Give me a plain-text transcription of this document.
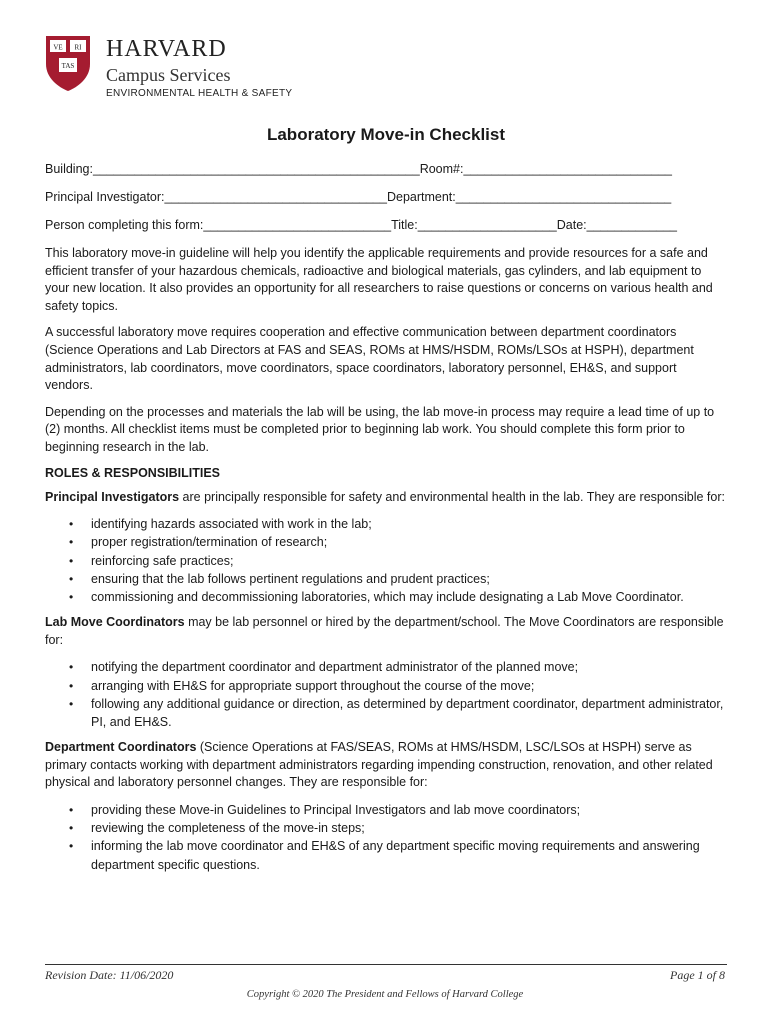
VE RI
TAS
HARVARD
Campus Services
ENVIRONMENTAL HEALTH & SAFETY
Laboratory Move-in Checklist
Building:_______________________________________________Room#:______________________________
Principal Investigator:________________________________Department:_______________________________
Person completing this form:___________________________Title:____________________Date:_____________

This laboratory move-in guideline will help you identify the applicable requirements and provide resources for a safe and efficient transfer of your hazardous chemicals, radioactive and biological materials, gas cylinders, and lab equipment to your new location. It also provides an opportunity for all researchers to raise questions or concerns on various health and safety topics.

A successful laboratory move requires cooperation and effective communication between department coordinators (Science Operations and Lab Directors at FAS and SEAS, ROMs at HMS/HSDM, ROMs/LSOs at HSPH), department administrators, lab coordinators, move coordinators, space coordinators, laboratory personnel, EH&S, and support vendors.

Depending on the processes and materials the lab will be using, the lab move-in process may require a lead time of up to (2) months. All checklist items must be completed prior to beginning lab work. You should complete this form prior to beginning research in the lab.

ROLES & RESPONSIBILITIES

Principal Investigators are principally responsible for safety and environmental health in the lab. They are responsible for:

• identifying hazards associated with work in the lab;
• proper registration/termination of research;
• reinforcing safe practices;
• ensuring that the lab follows pertinent regulations and prudent practices;
• commissioning and decommissioning laboratories, which may include designating a Lab Move Coordinator.

Lab Move Coordinators may be lab personnel or hired by the department/school. The Move Coordinators are responsible for:

• notifying the department coordinator and department administrator of the planned move;
• arranging with EH&S for appropriate support throughout the course of the move;
• following any additional guidance or direction, as determined by department coordinator, department administrator, PI, and EH&S.

Department Coordinators (Science Operations at FAS/SEAS, ROMs at HMS/HSDM, LSC/LSOs at HSPH) serve as primary contacts working with department administrators regarding impending construction, renovation, and other related physical and laboratory personnel changes. They are responsible for:

• providing these Move-in Guidelines to Principal Investigators and lab move coordinators;
• reviewing the completeness of the move-in steps;
• informing the lab move coordinator and EH&S of any department specific moving requirements and answering department specific questions.
Revision Date: 11/06/2020	Page 1 of 8
Copyright © 2020 The President and Fellows of Harvard College
